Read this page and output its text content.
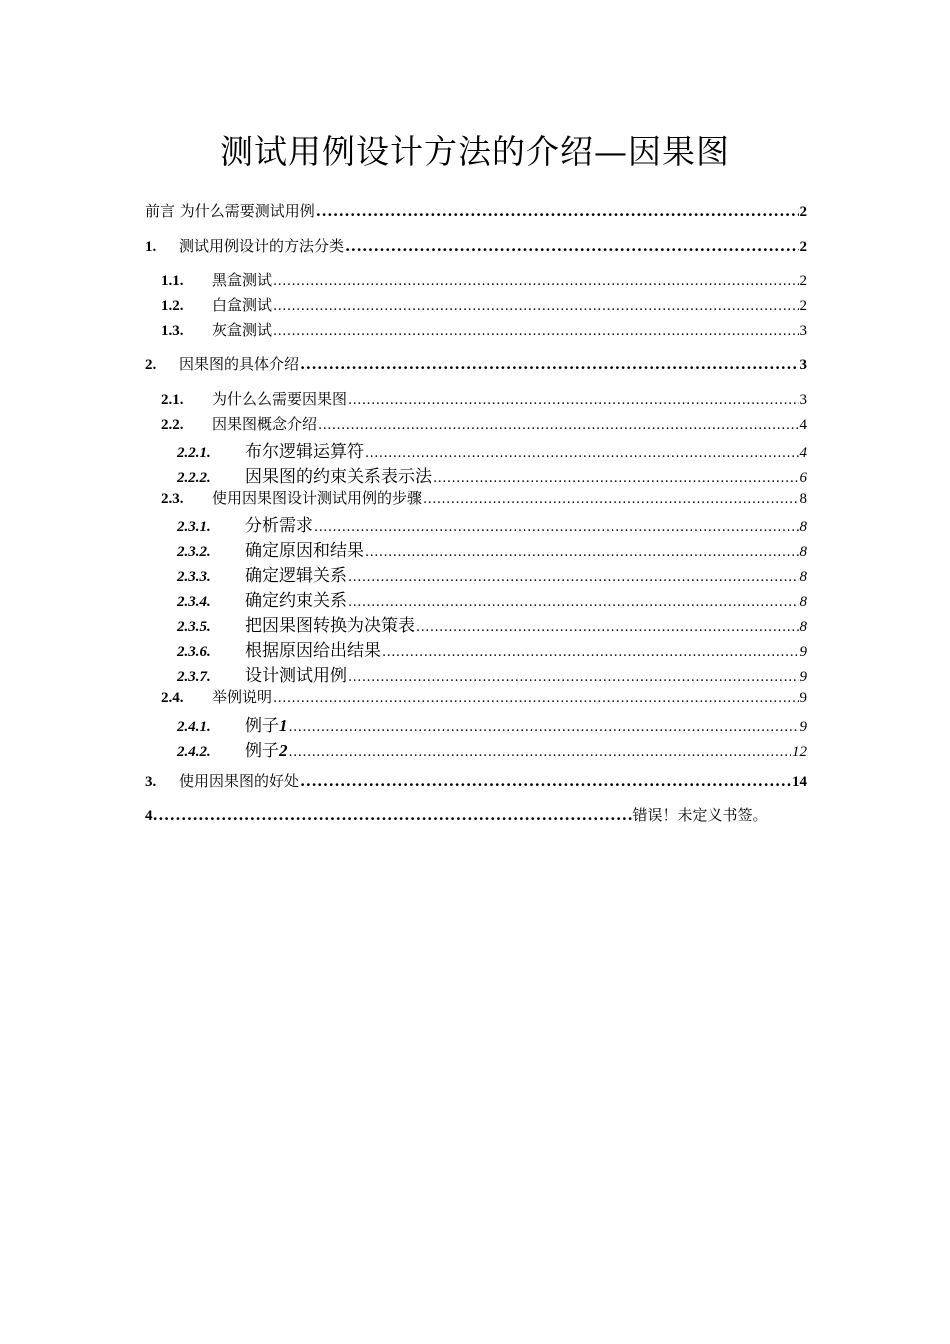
测试用例设计方法的介绍—因果图
前言 为什么需要测试用例 .....	2
1.	测试用例设计的方法分类 .....	2
1.1.	黑盒测试 .....	2
1.2.	白盒测试 .....	2
1.3.	灰盒测试 .....	3
2.	因果图的具体介绍 .....	3
2.1.	为什么么需要因果图 .....	3
2.2.	因果图概念介绍 .....	4
2.2.1.	布尔逻辑运算符 .....	4
2.2.2.	因果图的约束关系表示法 .....	6
2.3.	使用因果图设计测试用例的步骤 .....	8
2.3.1.	分析需求 .....	8
2.3.2.	确定原因和结果 .....	8
2.3.3.	确定逻辑关系 .....	8
2.3.4.	确定约束关系 .....	8
2.3.5.	把因果图转换为决策表 .....	8
2.3.6.	根据原因给出结果 .....	9
2.3.7.	设计测试用例 .....	9
2.4.	举例说明 .....	9
2.4.1.	例子1 .....	9
2.4.2.	例子2 .....	12
3.	使用因果图的好处 .....	14
4 .....	错误！未定义书签。
